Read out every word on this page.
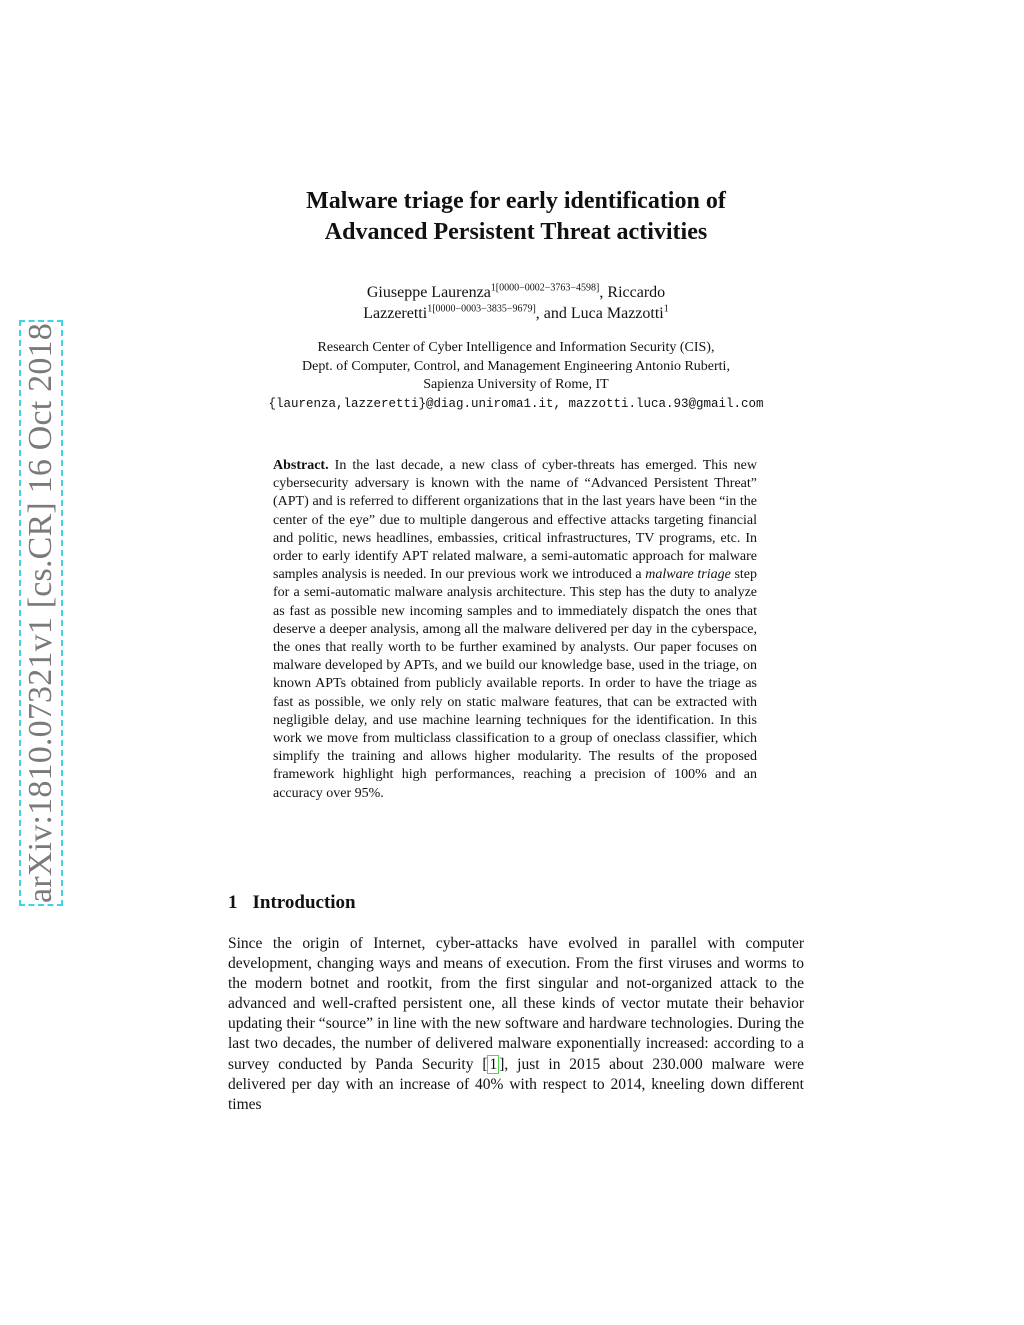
arXiv:1810.07321v1 [cs.CR] 16 Oct 2018
Malware triage for early identification of
Advanced Persistent Threat activities

Giuseppe Laurenza$^{1[0000-0002-3763-4598]}$, Riccardo
Lazzeretti$^{1[0000-0003-3835-9679]}$, and Luca Mazzotti$^1$

Research Center of Cyber Intelligence and Information Security (CIS),
Dept. of Computer, Control, and Management Engineering Antonio Ruberti,
Sapienza University of Rome, IT
{laurenza,lazzeretti}@diag.uniroma1.it, mazzotti.luca.93@gmail.com

Abstract. In the last decade, a new class of cyber-threats has emerged. This new cybersecurity adversary is known with the name of “Advanced Persistent Threat” (APT) and is referred to different organizations that in the last years have been “in the center of the eye” due to multiple dangerous and effective attacks targeting financial and politic, news headlines, embassies, critical infrastructures, TV programs, etc. In order to early identify APT related malware, a semi-automatic approach for malware samples analysis is needed. In our previous work we introduced a malware triage step for a semi-automatic malware analysis architecture. This step has the duty to analyze as fast as possible new incoming samples and to immediately dispatch the ones that deserve a deeper analysis, among all the malware delivered per day in the cyberspace, the ones that really worth to be further examined by analysts. Our paper focuses on malware developed by APTs, and we build our knowledge base, used in the triage, on known APTs obtained from publicly available reports. In order to have the triage as fast as possible, we only rely on static malware features, that can be extracted with negligible delay, and use machine learning techniques for the identification. In this work we move from multiclass classification to a group of oneclass classifier, which simplify the training and allows higher modularity. The results of the proposed framework highlight high performances, reaching a precision of 100% and an accuracy over 95%.

1 Introduction

Since the origin of Internet, cyber-attacks have evolved in parallel with computer development, changing ways and means of execution. From the first viruses and worms to the modern botnet and rootkit, from the first singular and not-organized attack to the advanced and well-crafted persistent one, all these kinds of vector mutate their behavior updating their “source” in line with the new software and hardware technologies. During the last two decades, the number of delivered malware exponentially increased: according to a survey conducted by Panda Security [ 1 ], just in 2015 about 230.000 malware were delivered per day with an increase of 40% with respect to 2014, kneeling down different times
